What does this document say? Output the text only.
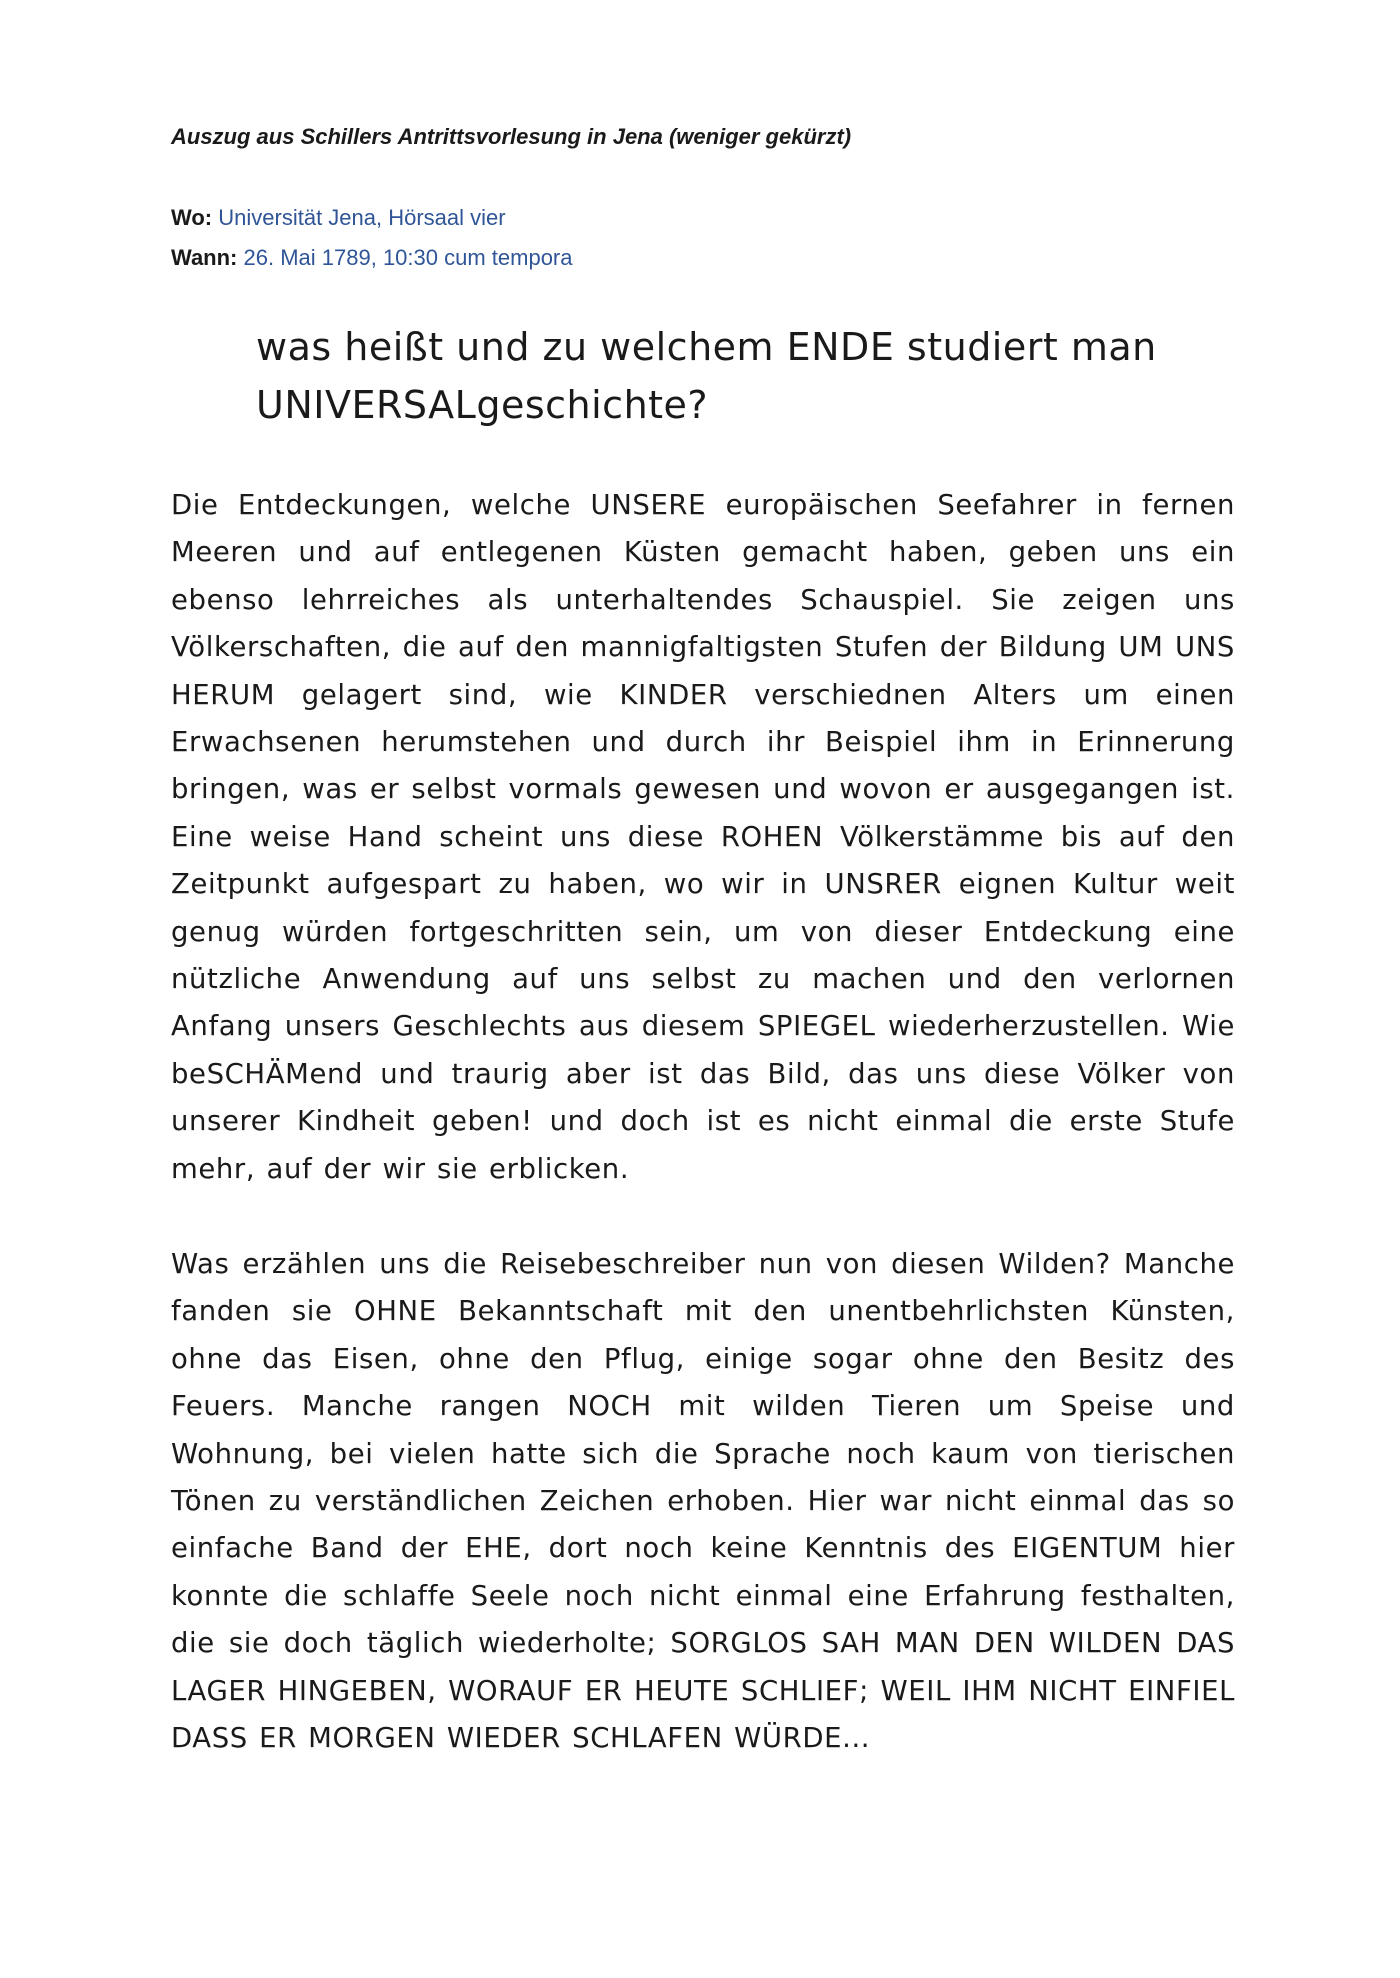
Auszug aus Schillers Antrittsvorlesung in Jena (weniger gekürzt)
Wo: Universität Jena, Hörsaal vier
Wann: 26. Mai 1789, 10:30 cum tempora
was heißt und zu welchem ENDE studiert man UNIVERSALgeschichte?

Die Entdeckungen, welche UNSERE europäischen Seefahrer in fernen Meeren und auf entlegenen Küsten gemacht haben, geben uns ein ebenso lehrreiches als unterhaltendes Schauspiel. Sie zeigen uns Völkerschaften, die auf den mannigfaltigsten Stufen der Bildung UM UNS HERUM gelagert sind, wie KINDER verschiednen Alters um einen Erwachsenen herumstehen und durch ihr Beispiel ihm in Erinnerung bringen, was er selbst vormals gewesen und wovon er ausgegangen ist. Eine weise Hand scheint uns diese ROHEN Völkerstämme bis auf den Zeitpunkt aufgespart zu haben, wo wir in UNSRER eignen Kultur weit genug würden fortgeschritten sein, um von dieser Entdeckung eine nützliche Anwendung auf uns selbst zu machen und den verlornen Anfang unsers Geschlechts aus diesem SPIEGEL wiederherzustellen. Wie beSCHÄMend und traurig aber ist das Bild, das uns diese Völker von unserer Kindheit geben! und doch ist es nicht einmal die erste Stufe mehr, auf der wir sie erblicken.

Was erzählen uns die Reisebeschreiber nun von diesen Wilden? Manche fanden sie OHNE Bekanntschaft mit den unentbehrlichsten Künsten, ohne das Eisen, ohne den Pflug, einige sogar ohne den Besitz des Feuers. Manche rangen NOCH mit wilden Tieren um Speise und Wohnung, bei vielen hatte sich die Sprache noch kaum von tierischen Tönen zu verständlichen Zeichen erhoben. Hier war nicht einmal das so einfache Band der EHE, dort noch keine Kenntnis des EIGENTUM hier konnte die schlaffe Seele noch nicht einmal eine Erfahrung festhalten, die sie doch täglich wiederholte; SORGLOS SAH MAN DEN WILDEN DAS LAGER HINGEBEN, WORAUF ER HEUTE SCHLIEF; WEIL IHM NICHT EINFIEL DASS ER MORGEN WIEDER SCHLAFEN WÜRDE...
